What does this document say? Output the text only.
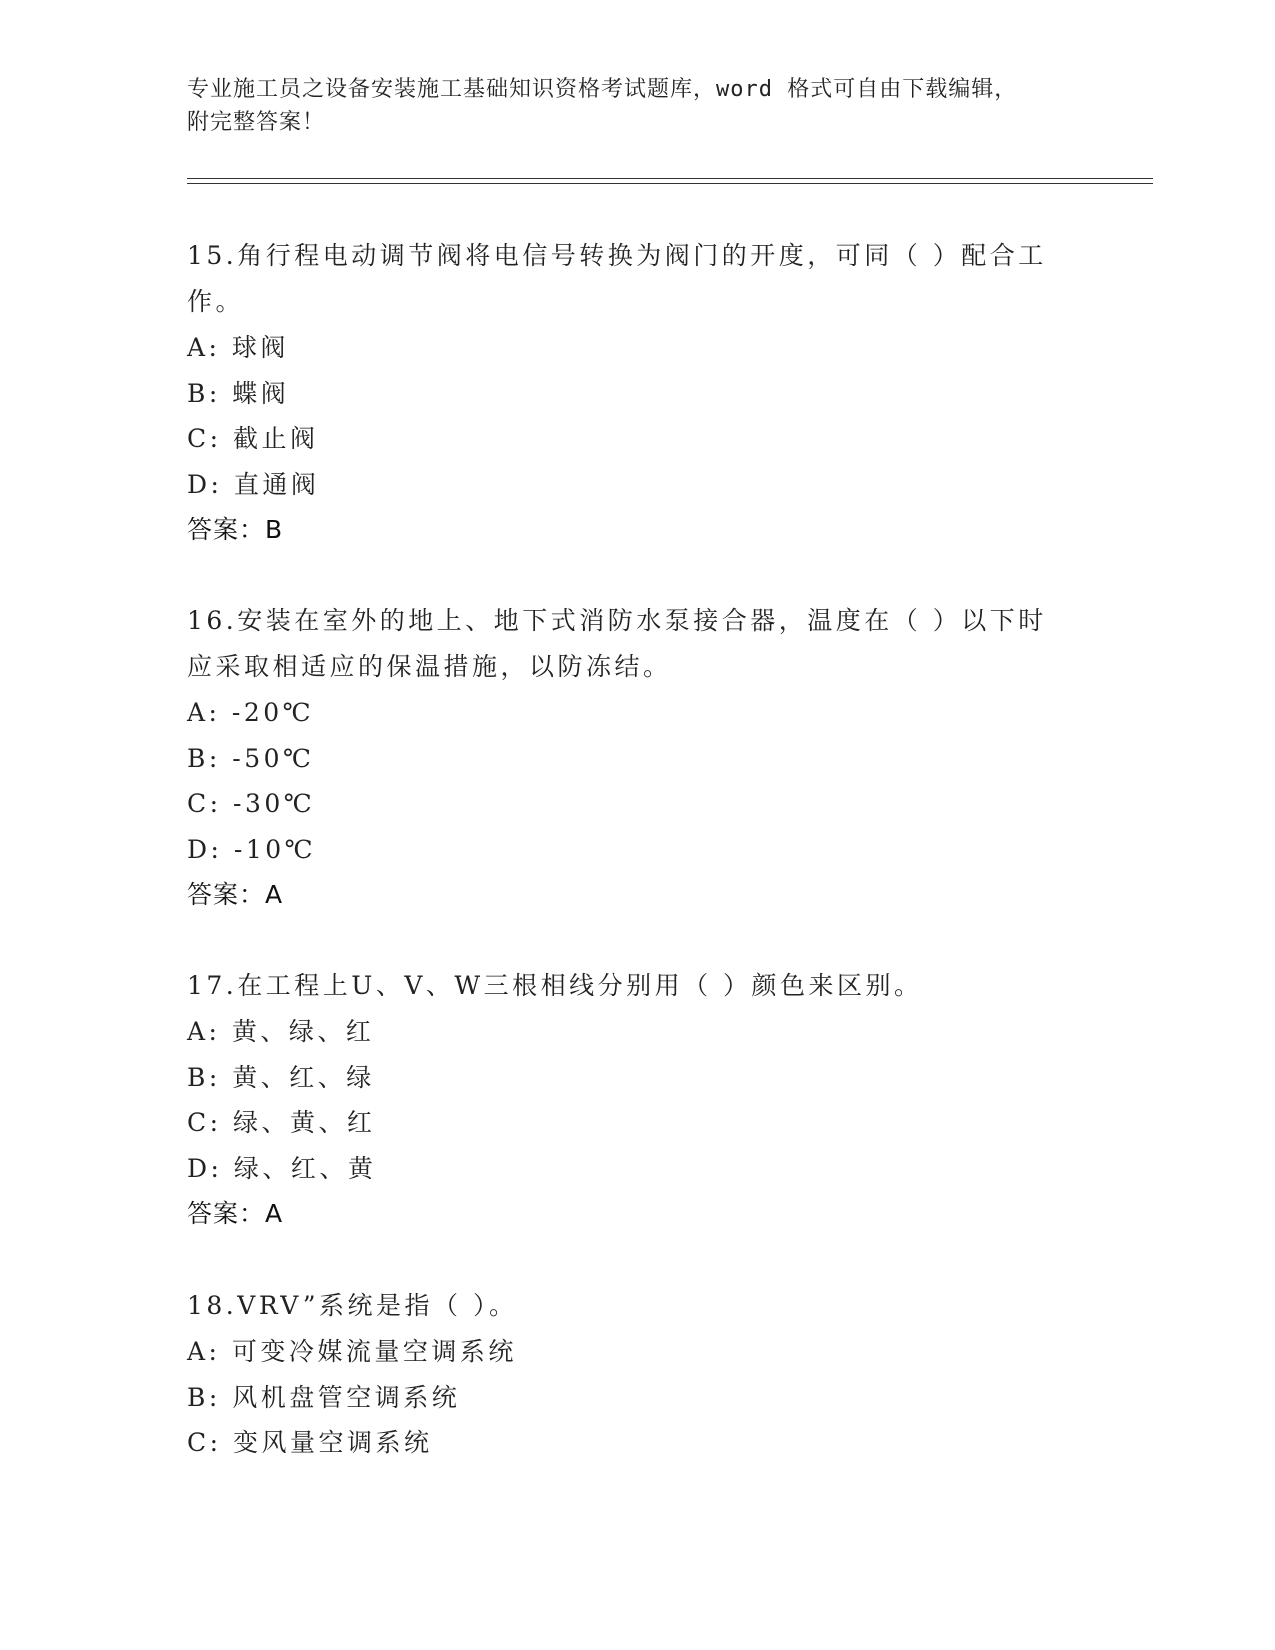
专业施工员之设备安装施工基础知识资格考试题库，word 格式可自由下载编辑，
附完整答案！

15.角行程电动调节阀将电信号转换为阀门的开度，可同（ ）配合工

作。

A: 球阀

B: 蝶阀

C: 截止阀

D: 直通阀

答案：B

16.安装在室外的地上、地下式消防水泵接合器，温度在（ ）以下时

应采取相适应的保温措施，以防冻结。

A: -20℃

B: -50℃

C: -30℃

D: -10℃

答案：A

17.在工程上U、V、W三根相线分别用（ ）颜色来区别。

A: 黄、绿、红

B: 黄、红、绿

C: 绿、黄、红

D: 绿、红、黄

答案：A

18.VRV”系统是指（ ）。

A: 可变冷媒流量空调系统

B: 风机盘管空调系统

C: 变风量空调系统
